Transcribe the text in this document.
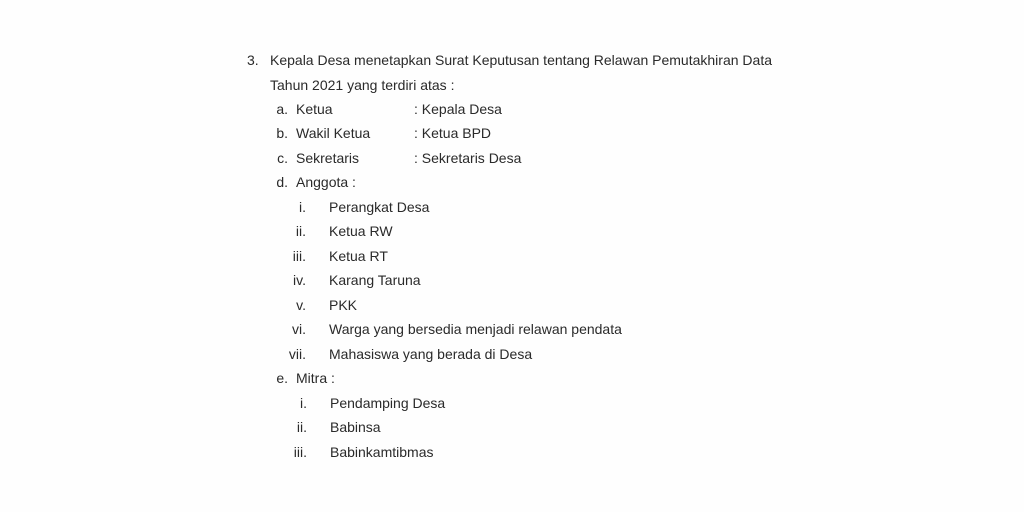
3. Kepala Desa menetapkan Surat Keputusan tentang Relawan Pemutakhiran Data
Tahun 2021 yang terdiri atas :
a. Ketua	: Kepala Desa
b. Wakil Ketua	: Ketua BPD
c. Sekretaris	: Sekretaris Desa
d. Anggota :
i. Perangkat Desa
ii. Ketua RW
iii. Ketua RT
iv. Karang Taruna
v. PKK
vi. Warga yang bersedia menjadi relawan pendata
vii. Mahasiswa yang berada di Desa
e. Mitra :
i. Pendamping Desa
ii. Babinsa
iii. Babinkamtibmas
